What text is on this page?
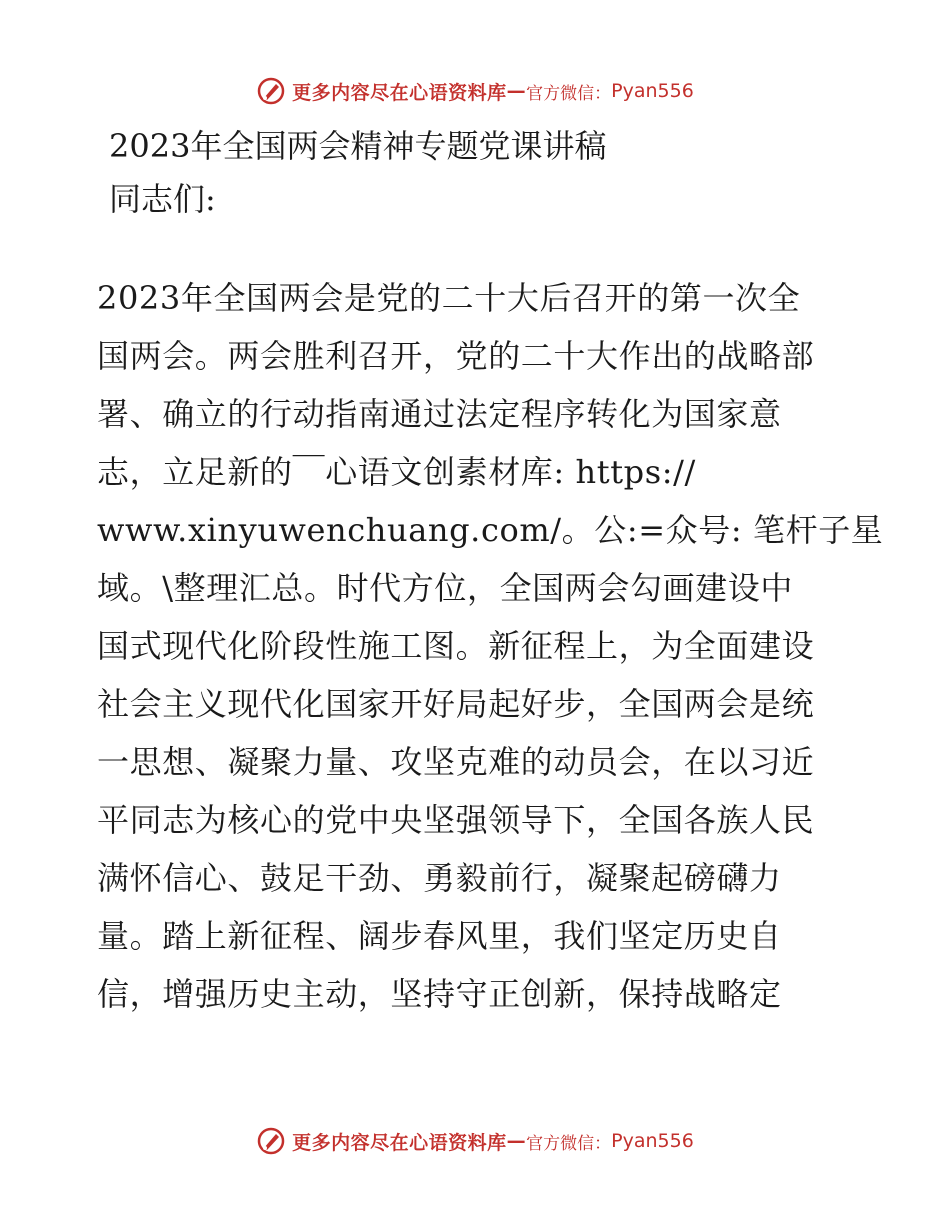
更多内容尽在心语资料库 — 官方微信： Pyan556
2023年全国两会精神专题党课讲稿
同志们:
2023年全国两会是党的二十大后召开的第一次全
国两会。两会胜利召开，党的二十大作出的战略部
署、确立的行动指南通过法定程序转化为国家意
志，立足新的￣心语文创素材库: https://
www.xinyuwenchuang.com/。公:=众号: 笔杆子星
域。\整理汇总。时代方位，全国两会勾画建设中
国式现代化阶段性施工图。新征程上，为全面建设
社会主义现代化国家开好局起好步，全国两会是统
一思想、凝聚力量、攻坚克难的动员会，在以习近
平同志为核心的党中央坚强领导下，全国各族人民
满怀信心、鼓足干劲、勇毅前行，凝聚起磅礴力
量。踏上新征程、阔步春风里，我们坚定历史自
信，增强历史主动，坚持守正创新，保持战略定
更多内容尽在心语资料库 — 官方微信： Pyan556
